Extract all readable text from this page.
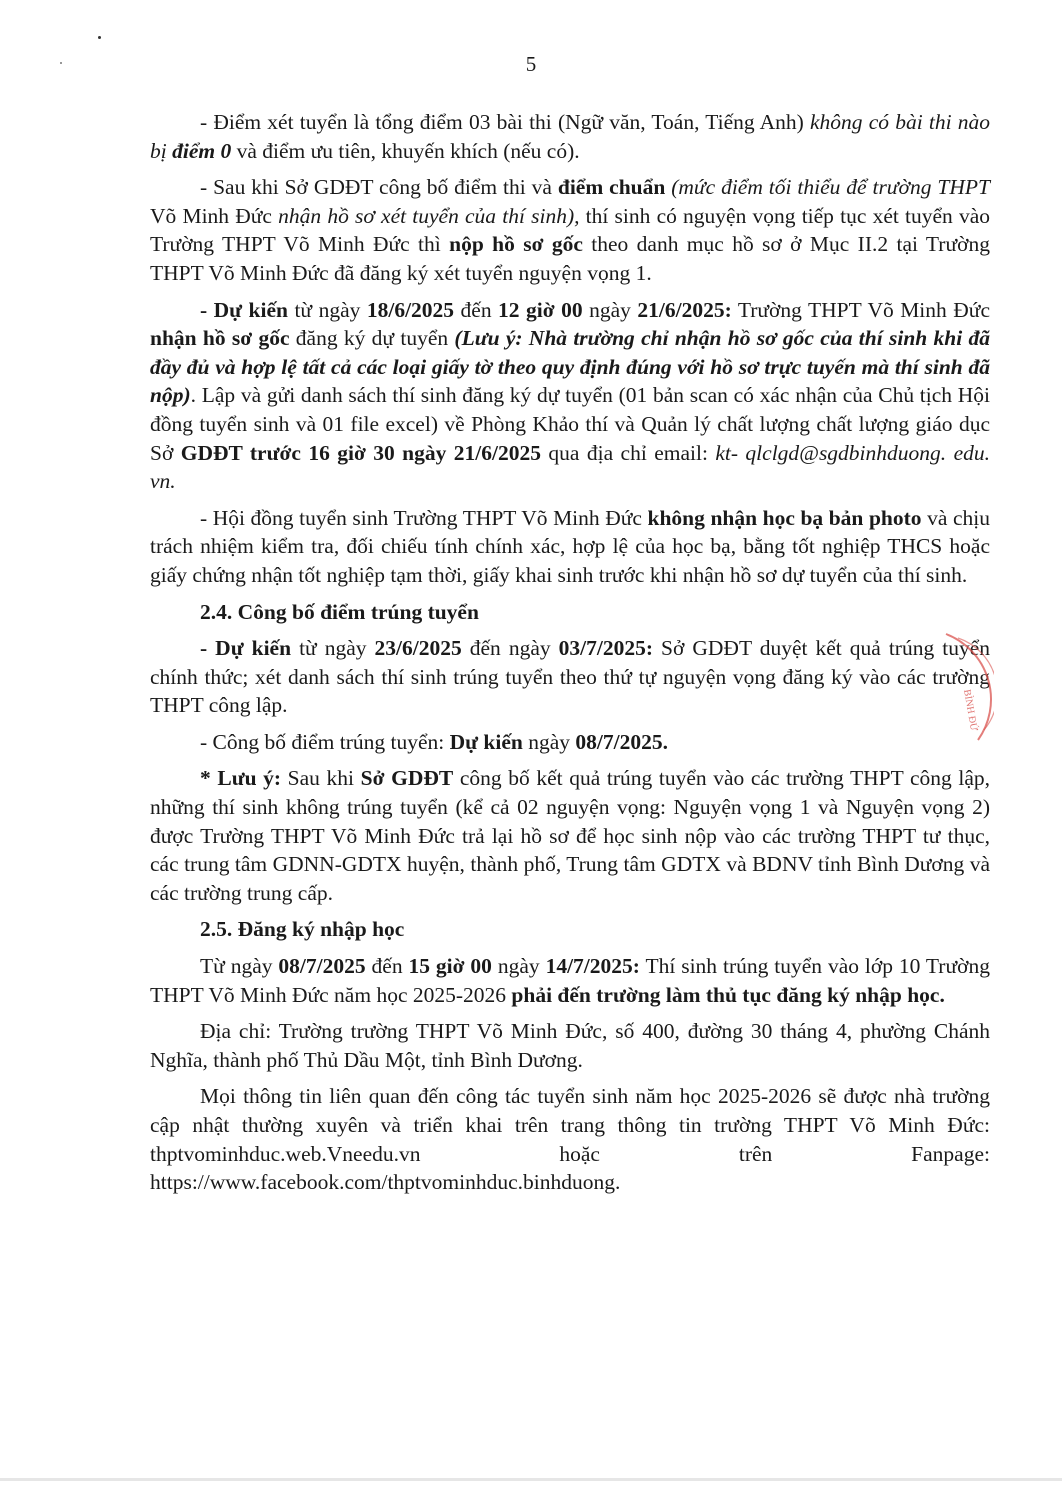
5

- Điểm xét tuyển là tổng điểm 03 bài thi (Ngữ văn, Toán, Tiếng Anh) không có bài thi nào bị điểm 0 và điểm ưu tiên, khuyến khích (nếu có).

- Sau khi Sở GDĐT công bố điểm thi và điểm chuẩn (mức điểm tối thiểu để trường THPT Võ Minh Đức nhận hồ sơ xét tuyển của thí sinh), thí sinh có nguyện vọng tiếp tục xét tuyển vào Trường THPT Võ Minh Đức thì nộp hồ sơ gốc theo danh mục hồ sơ ở Mục II.2 tại Trường THPT Võ Minh Đức đã đăng ký xét tuyển nguyện vọng 1.

- Dự kiến từ ngày 18/6/2025 đến 12 giờ 00 ngày 21/6/2025: Trường THPT Võ Minh Đức nhận hồ sơ gốc đăng ký dự tuyển (Lưu ý: Nhà trường chỉ nhận hồ sơ gốc của thí sinh khi đã đầy đủ và hợp lệ tất cả các loại giấy tờ theo quy định đúng với hồ sơ trực tuyến mà thí sinh đã nộp). Lập và gửi danh sách thí sinh đăng ký dự tuyển (01 bản scan có xác nhận của Chủ tịch Hội đồng tuyển sinh và 01 file excel) về Phòng Khảo thí và Quản lý chất lượng chất lượng giáo dục Sở GDĐT trước 16 giờ 30 ngày 21/6/2025 qua địa chỉ email: kt- qlclgd@sgdbinhduong. edu. vn.

- Hội đồng tuyển sinh Trường THPT Võ Minh Đức không nhận học bạ bản photo và chịu trách nhiệm kiểm tra, đối chiếu tính chính xác, hợp lệ của học bạ, bằng tốt nghiệp THCS hoặc giấy chứng nhận tốt nghiệp tạm thời, giấy khai sinh trước khi nhận hồ sơ dự tuyển của thí sinh.

2.4. Công bố điểm trúng tuyển

- Dự kiến từ ngày 23/6/2025 đến ngày 03/7/2025: Sở GDĐT duyệt kết quả trúng tuyển chính thức; xét danh sách thí sinh trúng tuyển theo thứ tự nguyện vọng đăng ký vào các trường THPT công lập.

- Công bố điểm trúng tuyển: Dự kiến ngày 08/7/2025.

* Lưu ý: Sau khi Sở GDĐT công bố kết quả trúng tuyển vào các trường THPT công lập, những thí sinh không trúng tuyển (kể cả 02 nguyện vọng: Nguyện vọng 1 và Nguyện vọng 2) được Trường THPT Võ Minh Đức trả lại hồ sơ để học sinh nộp vào các trường THPT tư thục, các trung tâm GDNN-GDTX huyện, thành phố, Trung tâm GDTX và BDNV tỉnh Bình Dương và các trường trung cấp.

2.5. Đăng ký nhập học

Từ ngày 08/7/2025 đến 15 giờ 00 ngày 14/7/2025: Thí sinh trúng tuyển vào lớp 10 Trường THPT Võ Minh Đức năm học 2025-2026 phải đến trường làm thủ tục đăng ký nhập học.

Địa chỉ: Trường trường THPT Võ Minh Đức, số 400, đường 30 tháng 4, phường Chánh Nghĩa, thành phố Thủ Dầu Một, tỉnh Bình Dương.

Mọi thông tin liên quan đến công tác tuyển sinh năm học 2025-2026 sẽ được nhà trường cập nhật thường xuyên và triển khai trên trang thông tin trường THPT Võ Minh Đức: thptvominhduc.web.Vneedu.vn hoặc trên Fanpage: https://www.facebook.com/thptvominhduc.binhduong.

BÌNH ĐỨ
